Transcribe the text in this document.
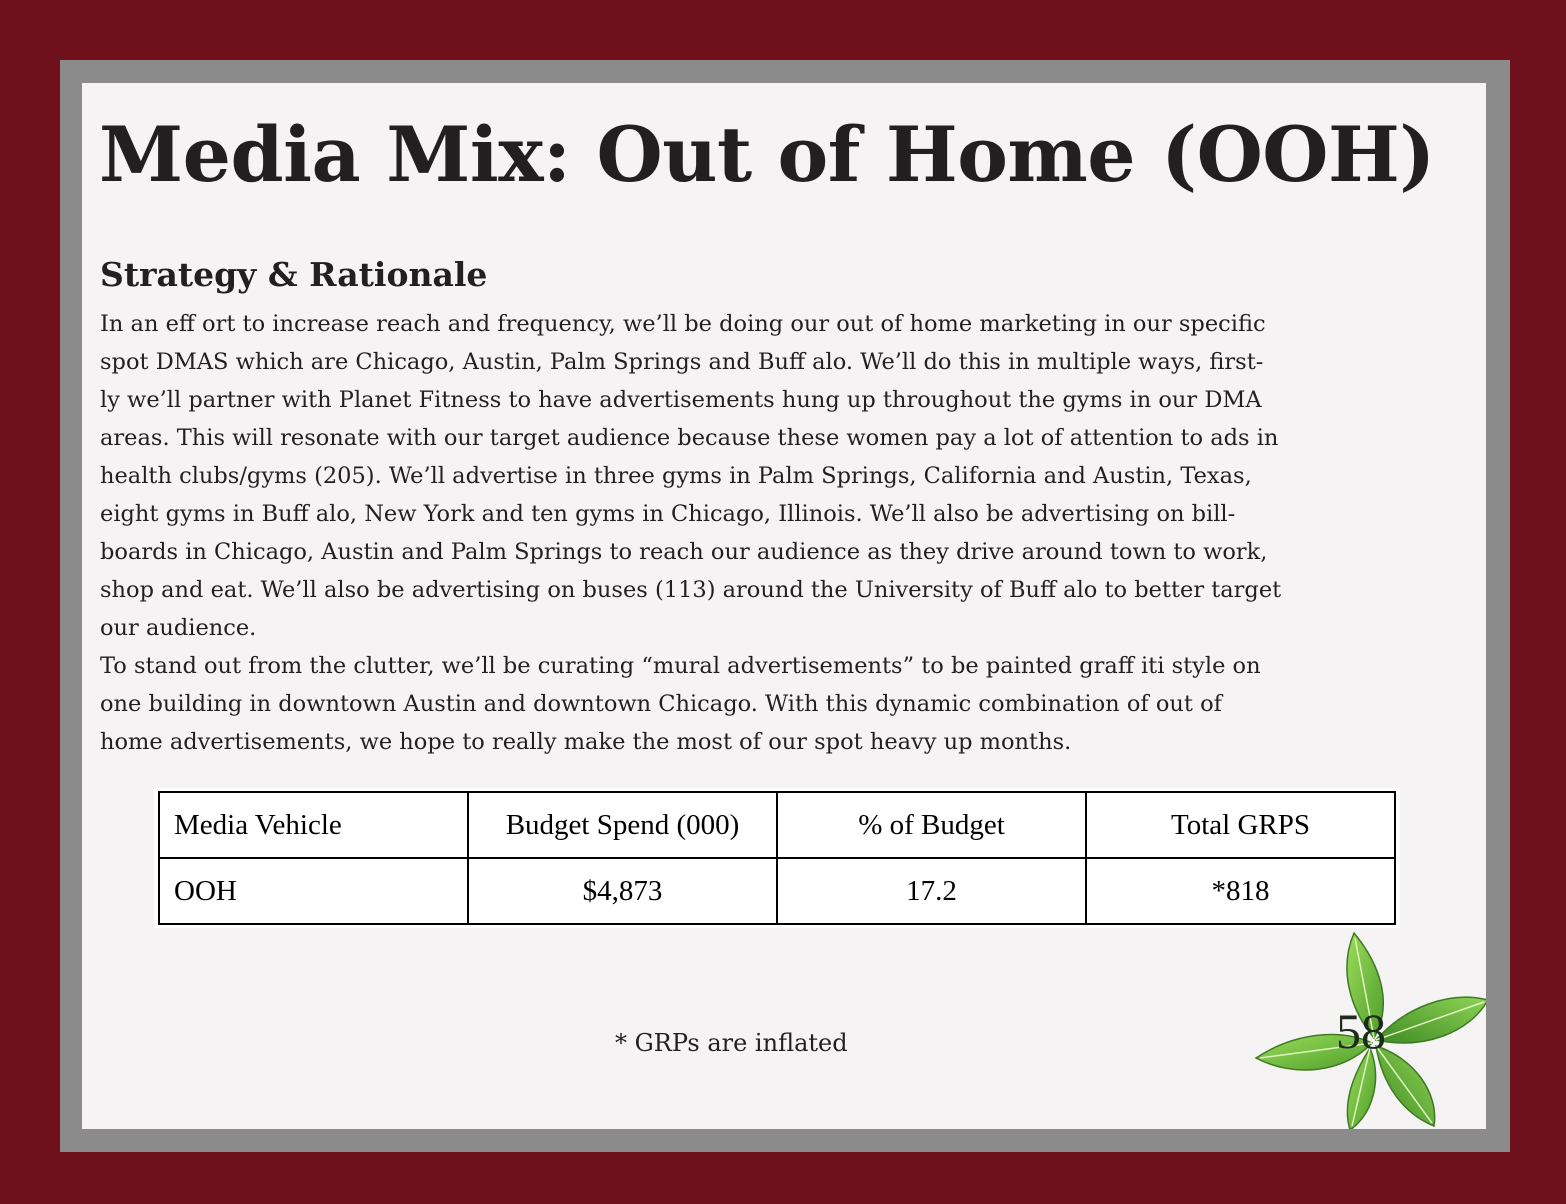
Media Mix: Out of Home (OOH)
Strategy & Rationale
In an eff ort to increase reach and frequency, we’ll be doing our out of home marketing in our specific
spot DMAS which are Chicago, Austin, Palm Springs and Buff alo. We’ll do this in multiple ways, first-
ly we’ll partner with Planet Fitness to have advertisements hung up throughout the gyms in our DMA
areas. This will resonate with our target audience because these women pay a lot of attention to ads in
health clubs/gyms (205). We’ll advertise in three gyms in Palm Springs, California and Austin, Texas,
eight gyms in Buff alo, New York and ten gyms in Chicago, Illinois. We’ll also be advertising on bill-
boards in Chicago, Austin and Palm Springs to reach our audience as they drive around town to work,
shop and eat. We’ll also be advertising on buses (113) around the University of Buff alo to better target
our audience.
To stand out from the clutter, we’ll be curating “mural advertisements” to be painted graff iti style on
one building in downtown Austin and downtown Chicago. With this dynamic combination of out of
home advertisements, we hope to really make the most of our spot heavy up months.
Media Vehicle	Budget Spend (000)	% of Budget	Total GRPS
OOH	$4,873	17.2	*818
* GRPs are inflated	58
